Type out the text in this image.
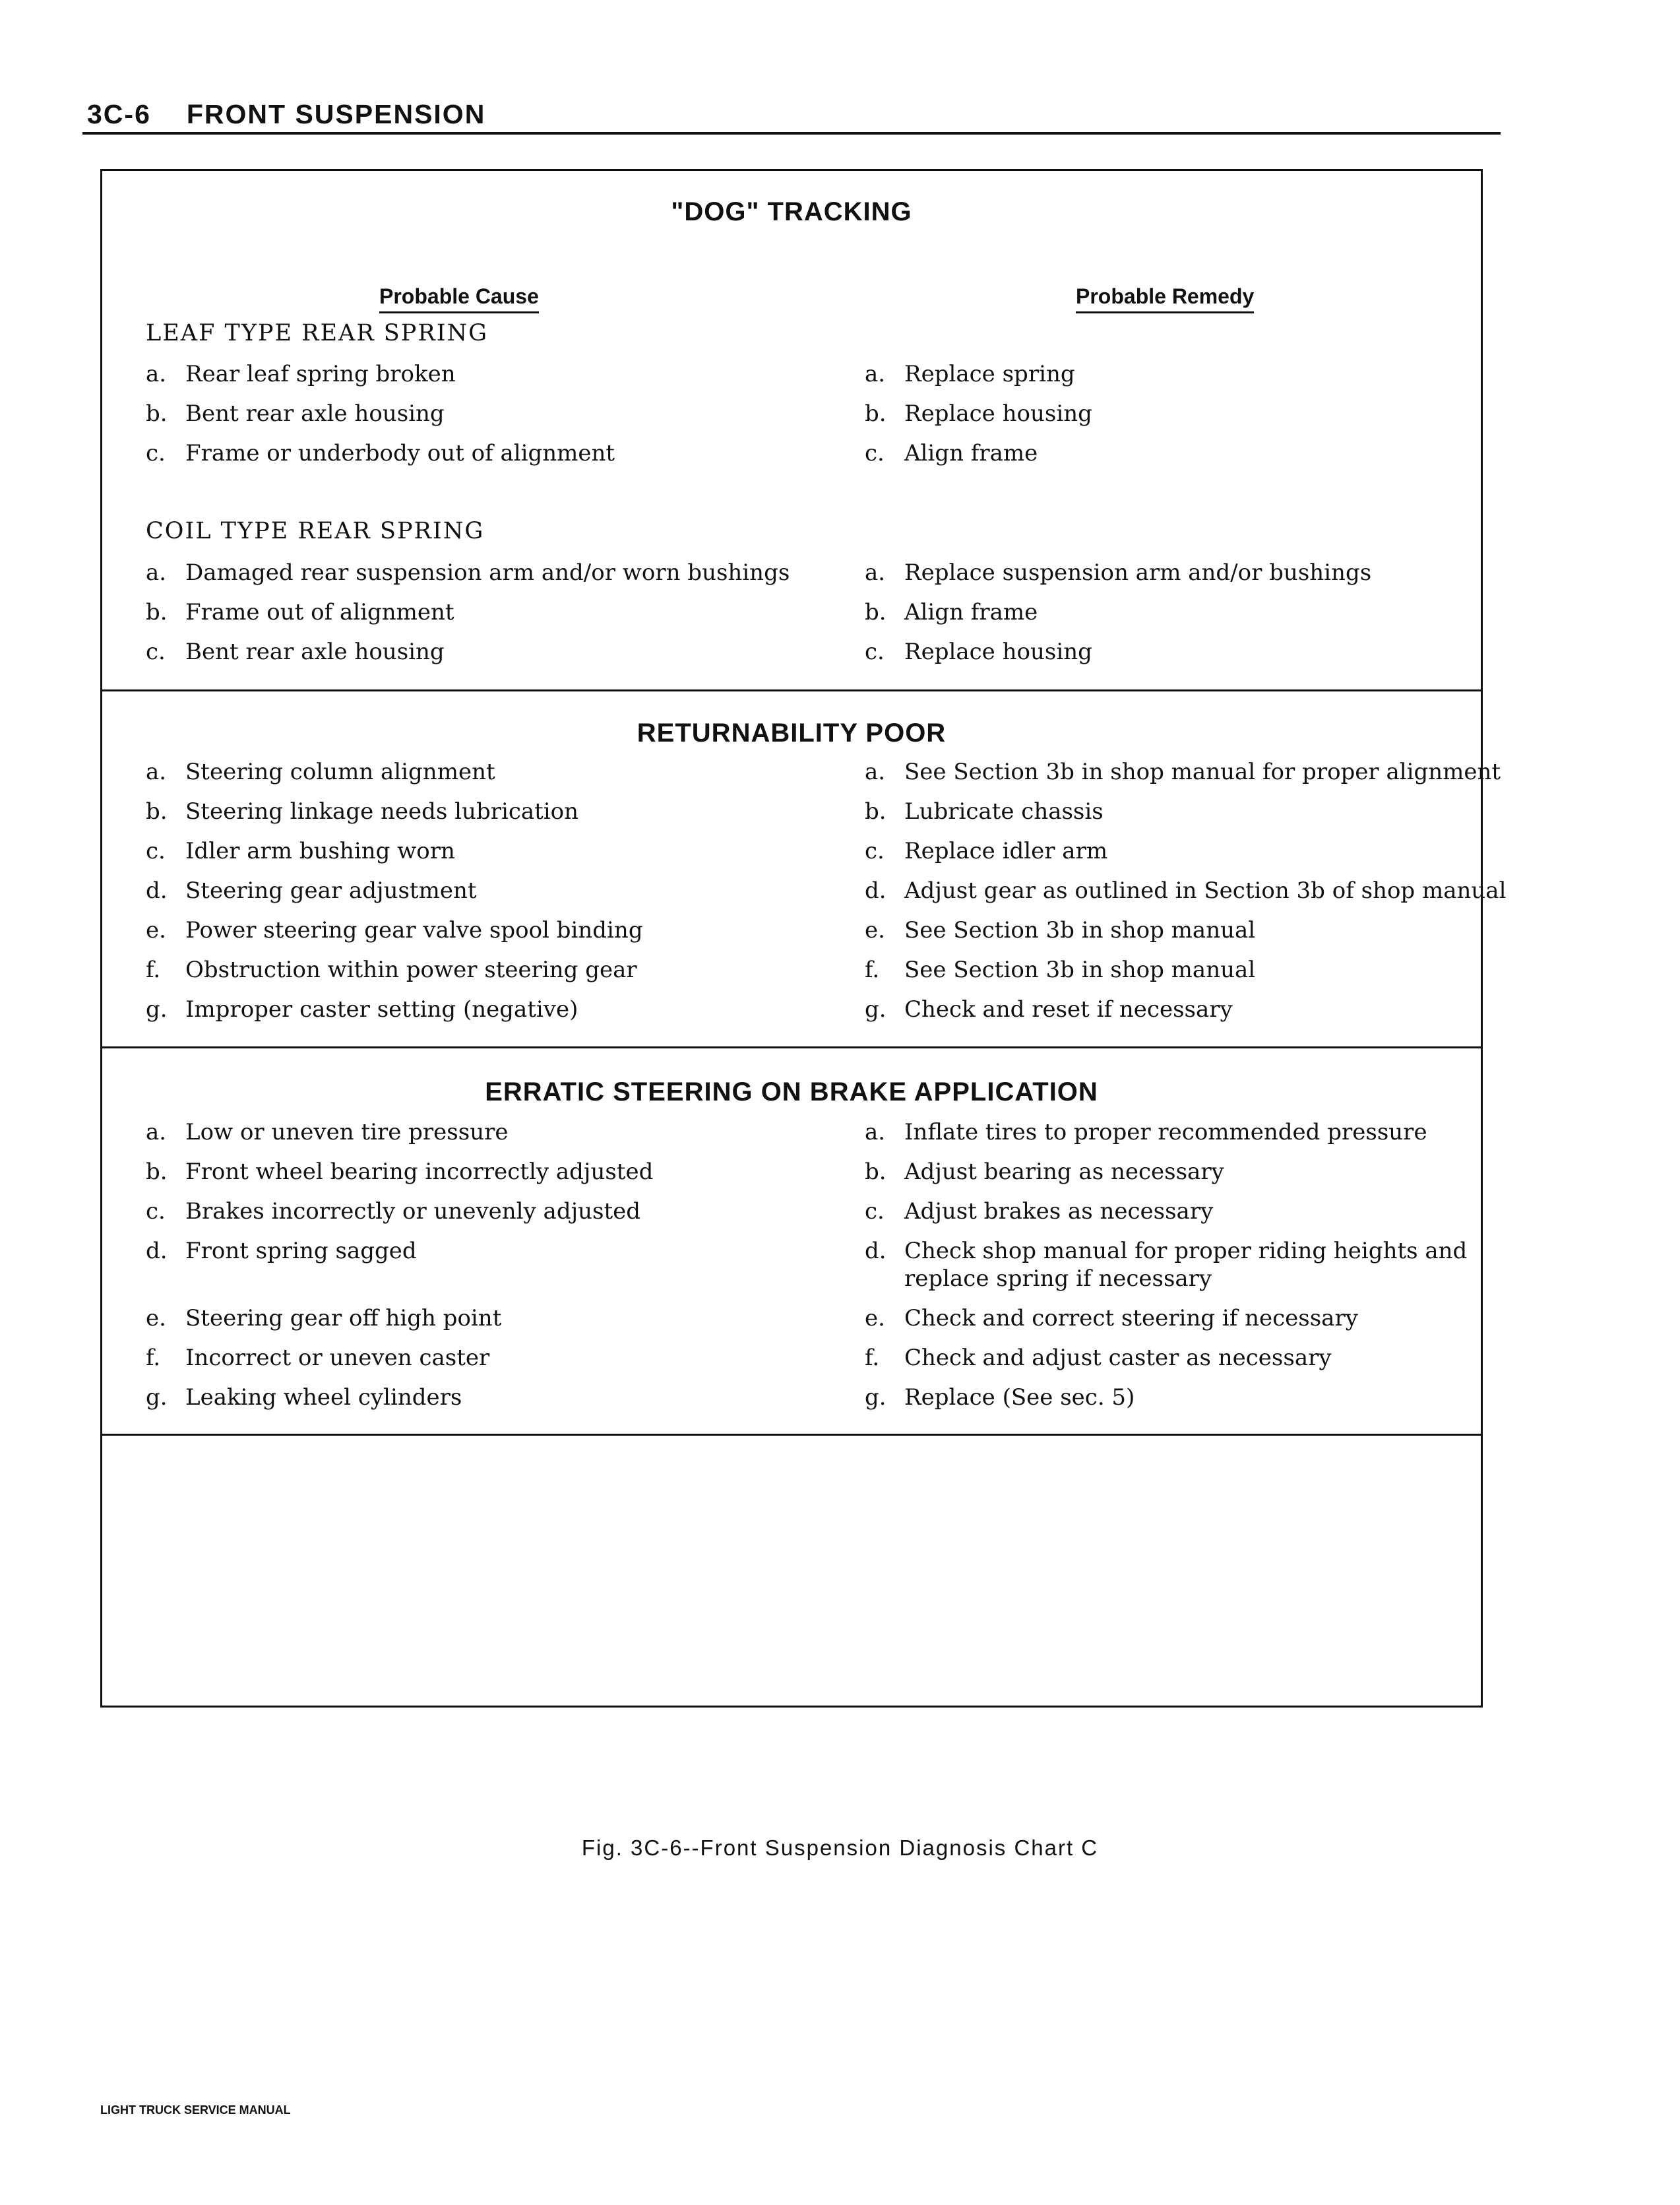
3C-6 FRONT SUSPENSION
"DOG" TRACKING
Probable Cause	Probable Remedy
LEAF TYPE REAR SPRING
a. Rear leaf spring broken	a. Replace spring
b. Bent rear axle housing	b. Replace housing
c. Frame or underbody out of alignment	c. Align frame
COIL TYPE REAR SPRING
a. Damaged rear suspension arm and/or worn bushings	a. Replace suspension arm and/or bushings
b. Frame out of alignment	b. Align frame
c. Bent rear axle housing	c. Replace housing
RETURNABILITY POOR
a. Steering column alignment	a. See Section 3b in shop manual for proper alignment
b. Steering linkage needs lubrication	b. Lubricate chassis
c. Idler arm bushing worn	c. Replace idler arm
d. Steering gear adjustment	d. Adjust gear as outlined in Section 3b of shop manual
e. Power steering gear valve spool binding	e. See Section 3b in shop manual
f. Obstruction within power steering gear	f. See Section 3b in shop manual
g. Improper caster setting (negative)	g. Check and reset if necessary
ERRATIC STEERING ON BRAKE APPLICATION
a. Low or uneven tire pressure	a. Inflate tires to proper recommended pressure
b. Front wheel bearing incorrectly adjusted	b. Adjust bearing as necessary
c. Brakes incorrectly or unevenly adjusted	c. Adjust brakes as necessary
d. Front spring sagged	d. Check shop manual for proper riding heights and
replace spring if necessary
e. Steering gear off high point	e. Check and correct steering if necessary
f. Incorrect or uneven caster	f. Check and adjust caster as necessary
g. Leaking wheel cylinders	g. Replace (See sec. 5)
Fig. 3C-6--Front Suspension Diagnosis Chart C
LIGHT TRUCK SERVICE MANUAL
